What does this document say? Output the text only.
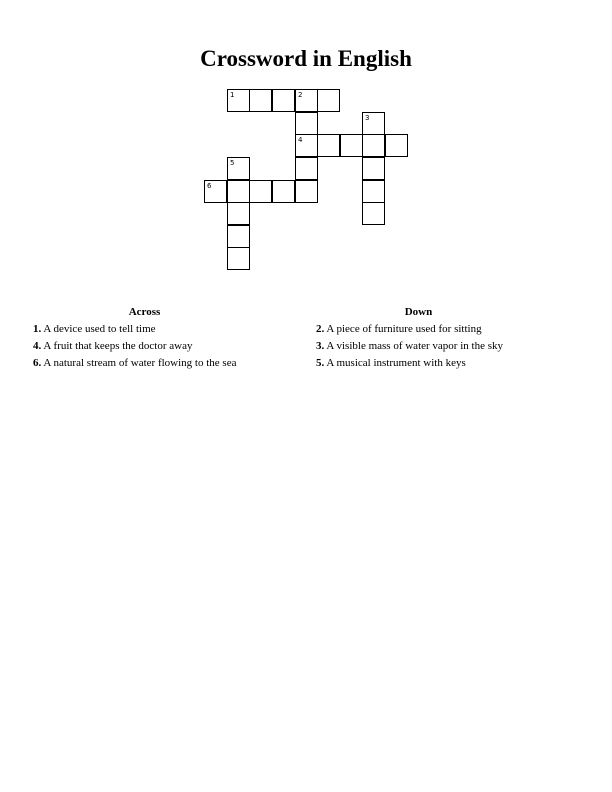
Crossword in English
1	2
3
4
5
6

Across

1. A device used to tell time

4. A fruit that keeps the doctor away

6. A natural stream of water flowing to the sea

Down

2. A piece of furniture used for sitting

3. A visible mass of water vapor in the sky

5. A musical instrument with keys
